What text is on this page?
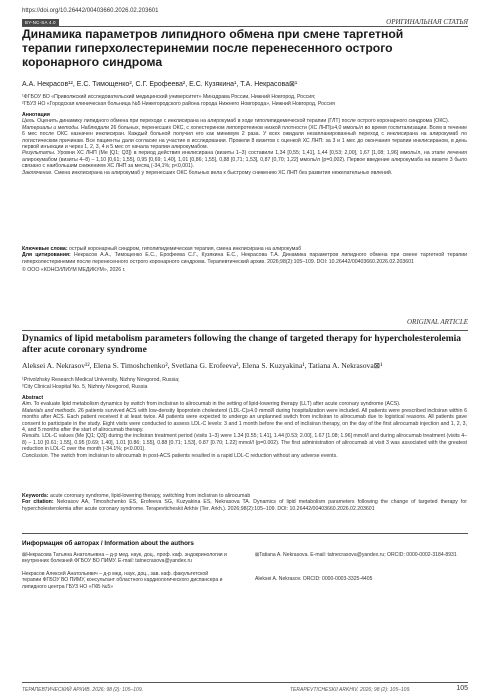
https://doi.org/10.26442/00403660.2026.02.203601
BY-NC-SA 4.0	ОРИГИНАЛЬНАЯ СТАТЬЯ
Динамика параметров липидного обмена при смене таргетной терапии гиперхолестеринемии после перенесенного острого коронарного синдрома
А.А. Некрасов¹², Е.С. Тимощенко², С.Г. Ерофеева², Е.С. Кузякина¹, Т.А. Некрасова⊠¹
¹ФГБОУ ВО «Приволжский исследовательский медицинский университет» Минздрава России, Нижний Новгород, Россия;
²ГБУЗ НО «Городская клиническая больница №5 Нижегородского района города Нижнего Новгорода», Нижний Новгород, Россия
Аннотация
Цель. Оценить динамику липидного обмена при переходе с инклисирана на алирокумаб в ходе гиполипидемической терапии (ГЛТ) после острого коронарного синдрома (ОКС).
Материалы и методы. Наблюдали 26 больных, перенесших ОКС, с холестерином липопротеинов низкой плотности (ХС ЛНП)≥4,0 ммоль/л во время госпитализации. Всем в течение 6 мес после ОКС назначен инклисиран. Каждый больной получил его как минимум 2 раза. У всех ожидали незапланированный переход с инклисирана на алирокумаб по логистическим причинам. Все пациенты дали согласие на участие в исследовании. Провели 8 визитов с оценкой ХС ЛНП: за 3 и 1 мес до окончания терапии инклисираном, в день первой инъекции и через 1, 2, 3, 4 и 5 мес от начала терапии алирокумабом.
Результаты. Уровни ХС ЛНП (Me [Q1; Q3]) в период действия инклисирана (визиты 1–3) составили 1,34 [0,55; 1,41], 1,44 [0,53; 2,00], 1,67 [1,08; 1,96] ммоль/л, на этапе лечения алирокумабом (визиты 4–8) – 1,10 [0,61; 1,55], 0,95 [0,69; 1,40], 1,01 [0,86; 1,55], 0,88 [0,71; 1,53], 0,87 [0,70; 1,22] ммоль/л (p=0,002). Первое введение алирокумаба на визите 3 было связано с наибольшим снижением ХС ЛНП за месяц (-34,1%; p<0,001).
Заключение. Смена инклисирана на алирокумаб у перенесших ОКС больных вела к быстрому снижению ХС ЛНП без развития нежелательных явлений.
Ключевые слова: острый коронарный синдром, гиполипидемическая терапия, смена инклисирана на алирокумаб
Для цитирования: Некрасов А.А., Тимощенко Е.С., Ерофеева С.Г., Кузякина Е.С., Некрасова Т.А. Динамика параметров липидного обмена при смене таргетной терапии гиперхолестеринемии после перенесенного острого коронарного синдрома. Терапевтический архив. 2026;98(2):105–109. DOI: 10.26442/00403660.2026.02.203601
© ООО «КОНСИЛИУМ МЕДИКУМ», 2026 г.
ORIGINAL ARTICLE
Dynamics of lipid metabolism parameters following the change of targeted therapy for hypercholesterolemia after acute coronary syndrome
Aleksei A. Nekrasov¹², Elena S. Timoshchenko², Svetlana G. Erofeeva², Elena S. Kuzyakina¹, Tatiana A. Nekrasova⊠¹
¹Privolzhsky Research Medical University, Nizhny Novgorod, Russia;
²City Clinical Hospital No. 5, Nizhniy Novgorod, Russia
Abstract
Aim. To evaluate lipid metabolism dynamics by switch from inclisiran to alirocumab in the setting of lipid-lowering therapy (LLT) after acute coronary syndrome (ACS).
Materials and methods. 26 patients survived ACS with low-density lipoprotein cholesterol (LDL-C)≥4.0 mmol/l during hospitalization were included. All patients were prescribed inclisiran within 6 months after ACS. Each patient received it at least twice. All patients were expected to undergo an unplanned switch from inclisiran to alirocumab due to logistical reasons. All patients gave consent to participate in the study. Eight visits were conducted to assess LDL-C levels: 3 and 1 month before the end of inclisiran therapy, on the day of the first alirocumab injection and 1, 2, 3, 4, and 5 months after the start of alirocumab therapy.
Results. LDL-C values (Me [Q1; Q3]) during the inclisiran treatment period (visits 1–3) were 1.34 [0.55; 1.41], 1.44 [0.53; 2.00], 1.67 [1.08; 1.96] mmol/l and during alirocumab treatment (visits 4–8) – 1.10 [0.61; 1.55], 0.95 [0.69; 1.40], 1.01 [0.86; 1.55], 0.88 [0.71; 1.53], 0.87 [0.70; 1.22] mmol/l (p=0.002). The first administration of alirocumab at visit 3 was associated with the greatest reduction in LDL-C over the month (-34.1%; p<0.001).
Conclusion. The switch from inclisiran to alirocumab in post-ACS patients resulted in a rapid LDL-C reduction without any adverse events.
Keywords: acute coronary syndrome, lipid-lowering therapy, switching from inclisiran to alirocumab
For citation: Nekrasov AA, Timoshchenko ES, Erofeeva SG, Kuzyakina ES, Nekrasova TA. Dynamics of lipid metabolism parameters following the change of targeted therapy for hypercholesterolemia after acute coronary syndrome. Terapevticheskii Arkhiv (Ter. Arkh.). 2026;98(2):105–109. DOI: 10.26442/00403660.2026.02.203601
Информация об авторах / Information about the authors
⊠Некрасова Татьяна Анатольевна – д-р мед. наук, доц., проф. каф. эндокринологии и внутренних болезней ФГБОУ ВО ПИМУ. E-mail: tatnecrasova@yandex.ru
Некрасов Алексей Анатольевич – д-р мед. наук, доц., зав. каф. факультетской терапии ФГБОУ ВО ПИМУ, консультант областного кардиологического диспансера и липидного центра ГБУЗ НО «ГКБ №5»
⊠Tatiana A. Nekrasova. E-mail: tatnecrasova@yandex.ru; ORCID: 0000-0002-3184-8931
Aleksei A. Nekrasov. ORCID: 0000-0003-3325-4405
ТЕРАПЕВТИЧЕСКИЙ АРХИВ. 2026; 98 (2): 105–109.	TERAPEVTICHESKII ARKHIV. 2026; 98 (2): 105–109.	105
